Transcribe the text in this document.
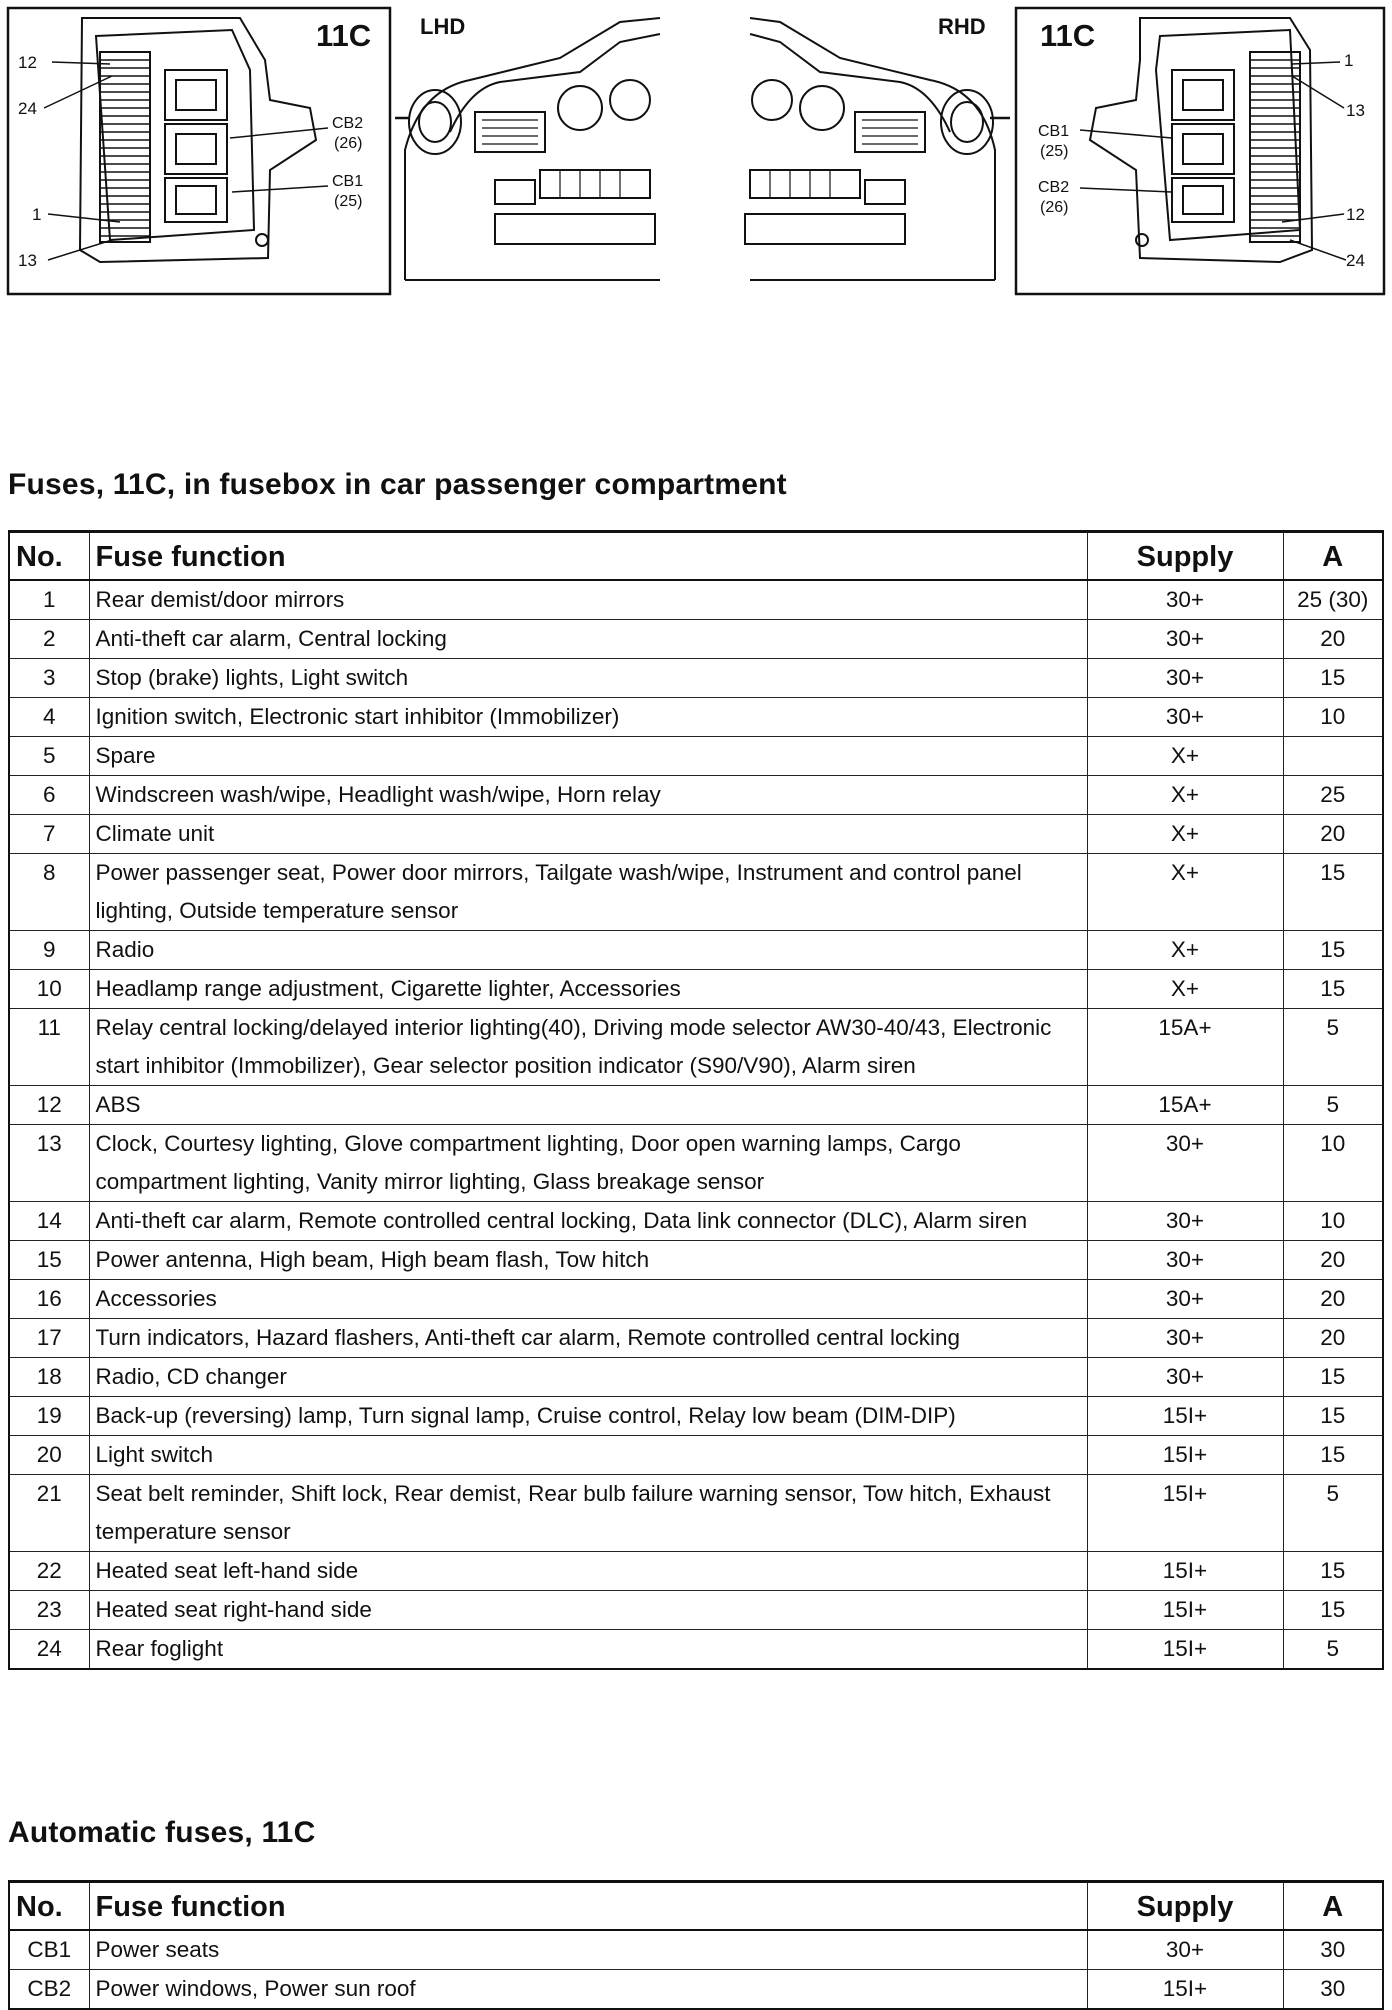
11C LHD	RHD 11C
12
24
1
13
CB2
(26)
CB1
(25)
1
13
12
24
CB1
(25)
CB2
(26)
Fuses, 11C, in fusebox in car passenger compartment
No.	Fuse function	Supply	A
1	Rear demist/door mirrors	30+	25 (30)
2	Anti-theft car alarm, Central locking	30+	20
3	Stop (brake) lights, Light switch	30+	15
4	Ignition switch, Electronic start inhibitor (Immobilizer)	30+	10
5	Spare	X+	
6	Windscreen wash/wipe, Headlight wash/wipe, Horn relay	X+	25
7	Climate unit	X+	20
8	Power passenger seat, Power door mirrors, Tailgate wash/wipe, Instrument and control panel lighting, Outside temperature sensor	X+	15
9	Radio	X+	15
10	Headlamp range adjustment, Cigarette lighter, Accessories	X+	15
11	Relay central locking/delayed interior lighting(40), Driving mode selector AW30-40/43, Electronic start inhibitor (Immobilizer), Gear selector position indicator (S90/V90), Alarm siren	15A+	5
12	ABS	15A+	5
13	Clock, Courtesy lighting, Glove compartment lighting, Door open warning lamps, Cargo compartment lighting, Vanity mirror lighting, Glass breakage sensor	30+	10
14	Anti-theft car alarm, Remote controlled central locking, Data link connector (DLC), Alarm siren	30+	10
15	Power antenna, High beam, High beam flash, Tow hitch	30+	20
16	Accessories	30+	20
17	Turn indicators, Hazard flashers, Anti-theft car alarm, Remote controlled central locking	30+	20
18	Radio, CD changer	30+	15
19	Back-up (reversing) lamp, Turn signal lamp, Cruise control, Relay low beam (DIM-DIP)	15I+	15
20	Light switch	15I+	15
21	Seat belt reminder, Shift lock, Rear demist, Rear bulb failure warning sensor, Tow hitch, Exhaust temperature sensor	15I+	5
22	Heated seat left-hand side	15I+	15
23	Heated seat right-hand side	15I+	15
24	Rear foglight	15I+	5
Automatic fuses, 11C
No.	Fuse function	Supply	A
CB1	Power seats	30+	30
CB2	Power windows, Power sun roof	15I+	30
